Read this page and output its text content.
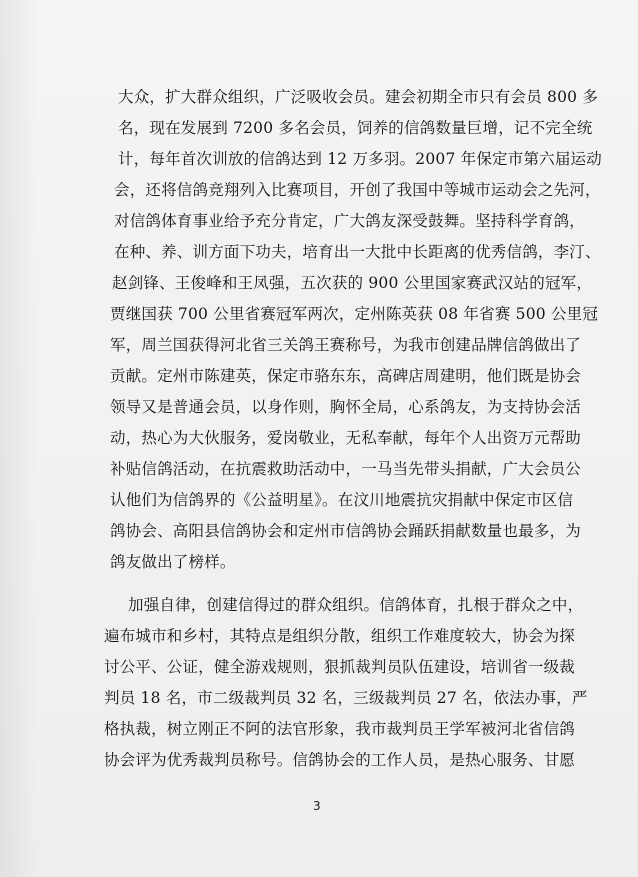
大众，扩大群众组织，广泛吸收会员。建会初期全市只有会员 800 多
名，现在发展到 7200 多名会员，饲养的信鸽数量巨增，记不完全统
计，每年首次训放的信鸽达到 12 万多羽。2007 年保定市第六届运动
会，还将信鸽竞翔列入比赛项目，开创了我国中等城市运动会之先河，
对信鸽体育事业给予充分肯定，广大鸽友深受鼓舞。坚持科学育鸽，
在种、养、训方面下功夫，培育出一大批中长距离的优秀信鸽，李汀、
赵剑锋、王俊峰和王凤强，五次获的 900 公里国家赛武汉站的冠军，
贾继国获 700 公里省赛冠军两次，定州陈英获 08 年省赛 500 公里冠
军，周兰国获得河北省三关鸽王赛称号，为我市创建品牌信鸽做出了
贡献。定州市陈建英，保定市骆东东，高碑店周建明，他们既是协会
领导又是普通会员，以身作则，胸怀全局，心系鸽友，为支持协会活
动，热心为大伙服务，爱岗敬业，无私奉献，每年个人出资万元帮助
补贴信鸽活动，在抗震救助活动中，一马当先带头捐献，广大会员公
认他们为信鸽界的《公益明星》。在汶川地震抗灾捐献中保定市区信
鸽协会、高阳县信鸽协会和定州市信鸽协会踊跃捐献数量也最多，为
鸽友做出了榜样。
加强自律，创建信得过的群众组织。信鸽体育，扎根于群众之中，
遍布城市和乡村，其特点是组织分散，组织工作难度较大，协会为探
讨公平、公证，健全游戏规则，狠抓裁判员队伍建设，培训省一级裁
判员 18 名，市二级裁判员 32 名，三级裁判员 27 名，依法办事，严
格执裁，树立刚正不阿的法官形象，我市裁判员王学军被河北省信鸽
协会评为优秀裁判员称号。信鸽协会的工作人员，是热心服务、甘愿
3
